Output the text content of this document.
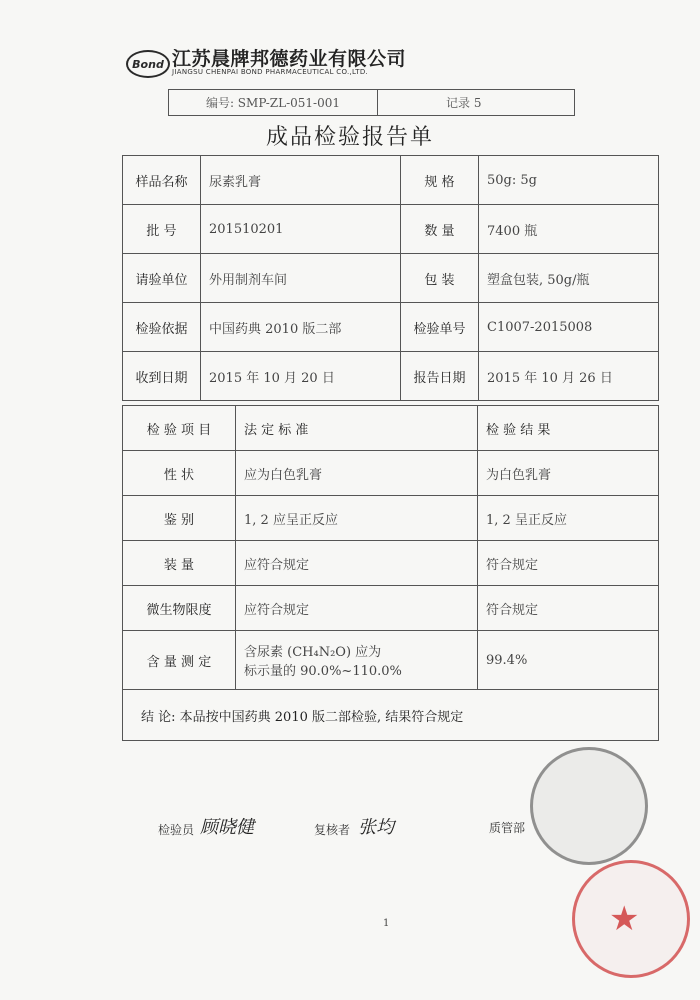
Bond 江苏晨牌邦德药业有限公司
JIANGSU CHENPAI BOND PHARMACEUTICAL CO.,LTD.
编号: SMP-ZL-051-001	记录 5
成品检验报告单
样品名称	尿素乳膏	规 格	50g: 5g
批 号	201510201	数 量	7400 瓶
请验单位	外用制剂车间	包 装	塑盒包装, 50g/瓶
检验依据	中国药典 2010 版二部	检验单号	C1007-2015008
收到日期	2015 年 10 月 20 日	报告日期	2015 年 10 月 26 日
检 验 项 目	法 定 标 准	检 验 结 果
性 状	应为白色乳膏	为白色乳膏
鉴 别	1, 2 应呈正反应	1, 2 呈正反应
装 量	应符合规定	符合规定
微生物限度	应符合规定	符合规定
含 量 测 定	含尿素 (CH₄N₂O) 应为
标示量的 90.0%~110.0%	99.4%
结 论: 本品按中国药典 2010 版二部检验, 结果符合规定		
检验员 顾晓健	复核者 张均	质管部
★
1
